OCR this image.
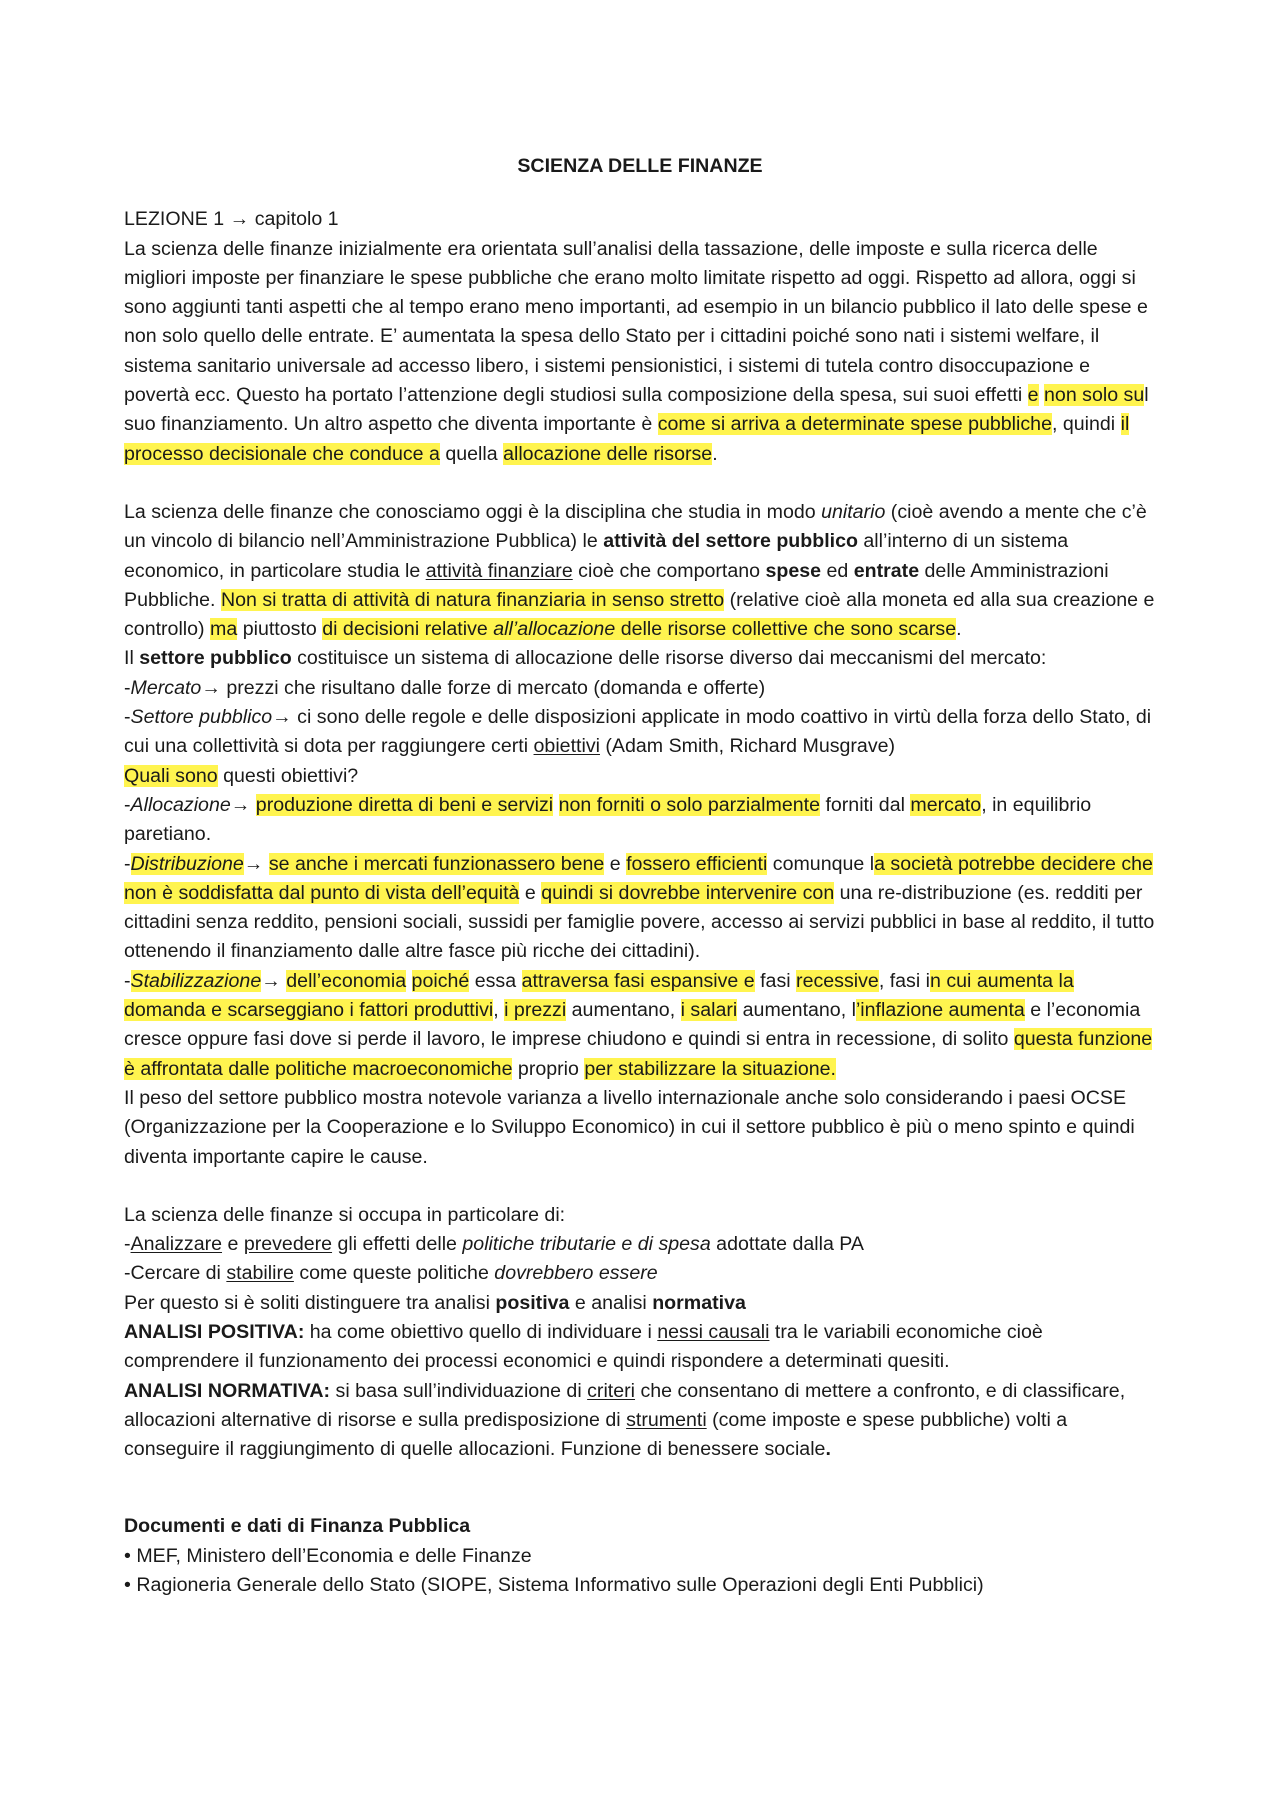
SCIENZA DELLE FINANZE

LEZIONE 1 → capitolo 1

La scienza delle finanze inizialmente era orientata sull’analisi della tassazione, delle imposte e sulla ricerca delle migliori imposte per finanziare le spese pubbliche che erano molto limitate rispetto ad oggi. Rispetto ad allora, oggi si sono aggiunti tanti aspetti che al tempo erano meno importanti, ad esempio in un bilancio pubblico il lato delle spese e non solo quello delle entrate. E’ aumentata la spesa dello Stato per i cittadini poiché sono nati i sistemi welfare, il sistema sanitario universale ad accesso libero, i sistemi pensionistici, i sistemi di tutela contro disoccupazione e povertà ecc. Questo ha portato l’attenzione degli studiosi sulla composizione della spesa, sui suoi effetti e non solo sul suo finanziamento. Un altro aspetto che diventa importante è come si arriva a determinate spese pubbliche, quindi il processo decisionale che conduce a quella allocazione delle risorse.

La scienza delle finanze che conosciamo oggi è la disciplina che studia in modo unitario (cioè avendo a mente che c’è un vincolo di bilancio nell’Amministrazione Pubblica) le attività del settore pubblico all’interno di un sistema economico, in particolare studia le attività finanziare cioè che comportano spese ed entrate delle Amministrazioni Pubbliche. Non si tratta di attività di natura finanziaria in senso stretto (relative cioè alla moneta ed alla sua creazione e controllo) ma piuttosto di decisioni relative all’allocazione delle risorse collettive che sono scarse.

Il settore pubblico costituisce un sistema di allocazione delle risorse diverso dai meccanismi del mercato:

-Mercato→ prezzi che risultano dalle forze di mercato (domanda e offerte)

-Settore pubblico→ ci sono delle regole e delle disposizioni applicate in modo coattivo in virtù della forza dello Stato, di cui una collettività si dota per raggiungere certi obiettivi (Adam Smith, Richard Musgrave)

Quali sono questi obiettivi?

-Allocazione→ produzione diretta di beni e servizi non forniti o solo parzialmente forniti dal mercato, in equilibrio paretiano.

-Distribuzione→ se anche i mercati funzionassero bene e fossero efficienti comunque la società potrebbe decidere che non è soddisfatta dal punto di vista dell’equità e quindi si dovrebbe intervenire con una re-distribuzione (es. redditi per cittadini senza reddito, pensioni sociali, sussidi per famiglie povere, accesso ai servizi pubblici in base al reddito, il tutto ottenendo il finanziamento dalle altre fasce più ricche dei cittadini).

-Stabilizzazione→ dell’economia poiché essa attraversa fasi espansive e fasi recessive, fasi in cui aumenta la domanda e scarseggiano i fattori produttivi, i prezzi aumentano, i salari aumentano, l’inflazione aumenta e l’economia cresce oppure fasi dove si perde il lavoro, le imprese chiudono e quindi si entra in recessione, di solito questa funzione è affrontata dalle politiche macroeconomiche proprio per stabilizzare la situazione.

Il peso del settore pubblico mostra notevole varianza a livello internazionale anche solo considerando i paesi OCSE (Organizzazione per la Cooperazione e lo Sviluppo Economico) in cui il settore pubblico è più o meno spinto e quindi diventa importante capire le cause.

La scienza delle finanze si occupa in particolare di:

-Analizzare e prevedere gli effetti delle politiche tributarie e di spesa adottate dalla PA

-Cercare di stabilire come queste politiche dovrebbero essere

Per questo si è soliti distinguere tra analisi positiva e analisi normativa

ANALISI POSITIVA: ha come obiettivo quello di individuare i nessi causali tra le variabili economiche cioè comprendere il funzionamento dei processi economici e quindi rispondere a determinati quesiti.

ANALISI NORMATIVA: si basa sull’individuazione di criteri che consentano di mettere a confronto, e di classificare, allocazioni alternative di risorse e sulla predisposizione di strumenti (come imposte e spese pubbliche) volti a conseguire il raggiungimento di quelle allocazioni. Funzione di benessere sociale.

Documenti e dati di Finanza Pubblica

• MEF, Ministero dell’Economia e delle Finanze

• Ragioneria Generale dello Stato (SIOPE, Sistema Informativo sulle Operazioni degli Enti Pubblici)
